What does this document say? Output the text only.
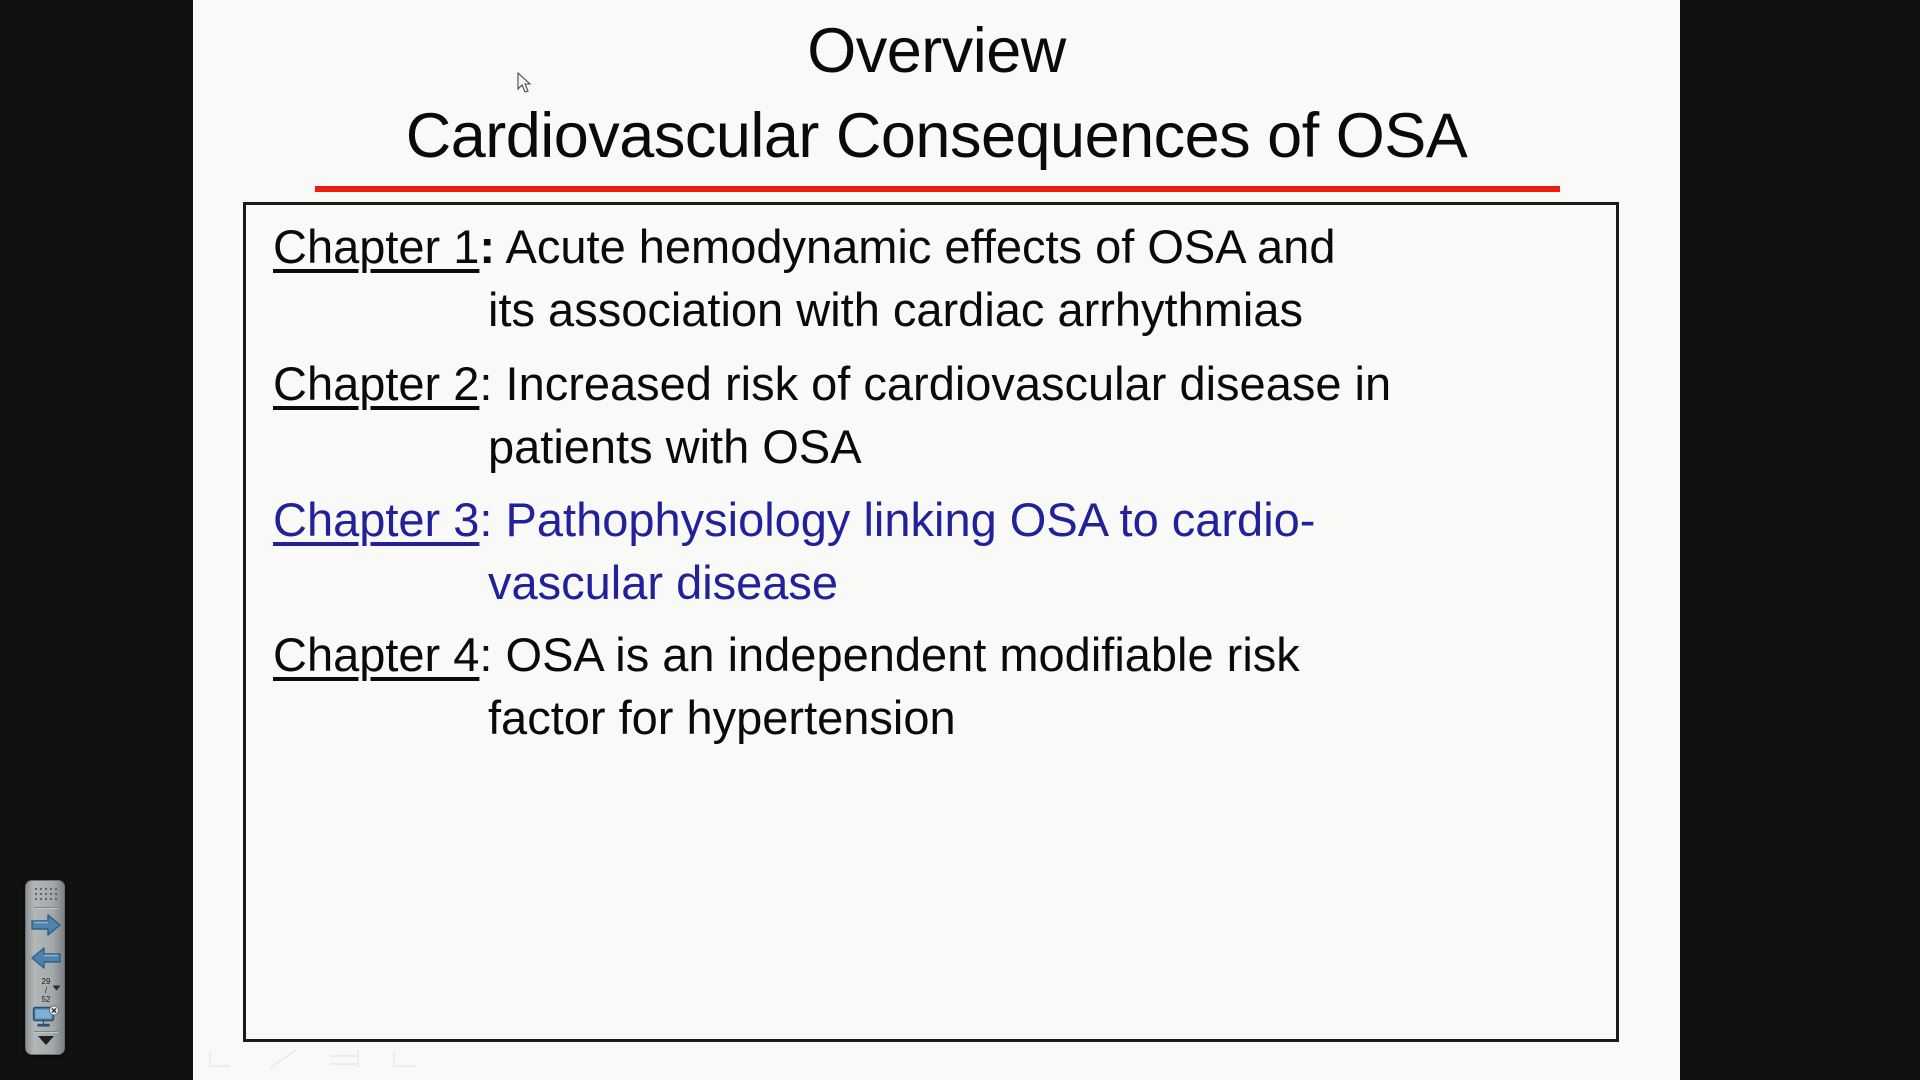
Overview
Cardiovascular Consequences of OSA
Chapter 1: Acute hemodynamic effects of OSA and
its association with cardiac arrhythmias
Chapter 2: Increased risk of cardiovascular disease in
patients with OSA
Chapter 3: Pathophysiology linking OSA to cardio-
vascular disease
Chapter 4: OSA is an independent modifiable risk
factor for hypertension
29
/
52
